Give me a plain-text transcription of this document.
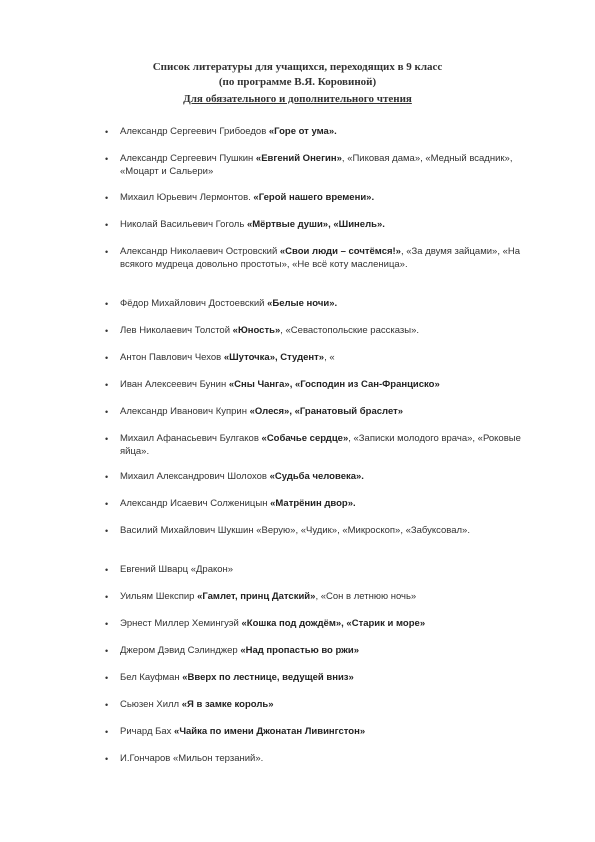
Список литературы для учащихся, переходящих в 9 класс
(по программе В.Я. Коровиной)
Для обязательного и дополнительного чтения
• Александр Сергеевич Грибоедов «Горе от ума».
• Александр Сергеевич Пушкин «Евгений Онегин», «Пиковая дама», «Медный всадник», «Моцарт и Сальери»
• Михаил Юрьевич Лермонтов. «Герой нашего времени».
• Николай Васильевич Гоголь «Мёртвые души», «Шинель».
• Александр Николаевич Островский «Свои люди – сочтёмся!», «За двумя зайцами», «На всякого мудреца довольно простоты», «Не всё коту масленица».
• Фёдор Михайлович Достоевский «Белые ночи».
• Лев Николаевич Толстой «Юность», «Севастопольские рассказы».
• Антон Павлович Чехов «Шуточка», Студент», «
• Иван Алексеевич Бунин «Сны Чанга», «Господин из Сан-Франциско»
• Александр Иванович Куприн «Олеся», «Гранатовый браслет»
• Михаил Афанасьевич Булгаков «Собачье сердце», «Записки молодого врача», «Роковые яйца».
• Михаил Александрович Шолохов «Судьба человека».
• Александр Исаевич Солженицын «Матрёнин двор».
• Василий Михайлович Шукшин «Верую», «Чудик», «Микроскоп», «Забуксовал».
• Евгений Шварц «Дракон»
• Уильям Шекспир «Гамлет, принц Датский», «Сон в летнюю ночь»
• Эрнест Миллер Хемингуэй «Кошка под дождём», «Старик и море»
• Джером Дэвид Сэлинджер «Над пропастью во ржи»
• Бел Кауфман «Вверх по лестнице, ведущей вниз»
• Сьюзен Хилл «Я в замке король»
• Ричард Бах «Чайка по имени Джонатан Ливингстон»
• И.Гончаров «Мильон терзаний».
